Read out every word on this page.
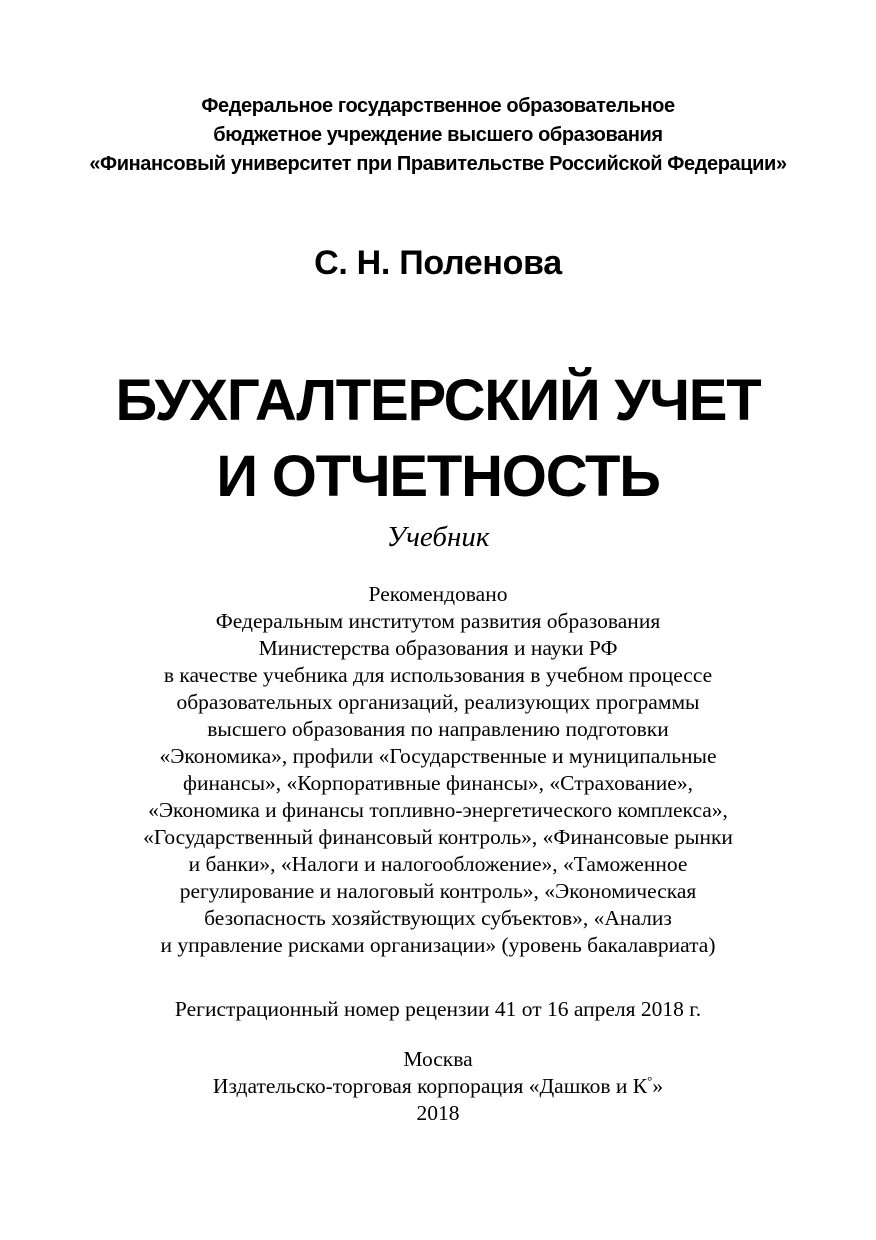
Федеральное государственное образовательное
бюджетное учреждение высшего образования
«Финансовый университет при Правительстве Российской Федерации»
С. Н. Поленова
БУХГАЛТЕРСКИЙ УЧЕТ
И ОТЧЕТНОСТЬ
Учебник
Рекомендовано
Федеральным институтом развития образования
Министерства образования и науки РФ
в качестве учебника для использования в учебном процессе
образовательных организаций, реализующих программы
высшего образования по направлению подготовки
«Экономика», профили «Государственные и муниципальные
финансы», «Корпоративные финансы», «Страхование»,
«Экономика и финансы топливно-энергетического комплекса»,
«Государственный финансовый контроль», «Финансовые рынки
и банки», «Налоги и налогообложение», «Таможенное
регулирование и налоговый контроль», «Экономическая
безопасность хозяйствующих субъектов», «Анализ
и управление рисками организации» (уровень бакалавриата)
Регистрационный номер рецензии 41 от 16 апреля 2018 г.
Москва
Издательско-торговая корпорация «Дашков и К°»
2018
